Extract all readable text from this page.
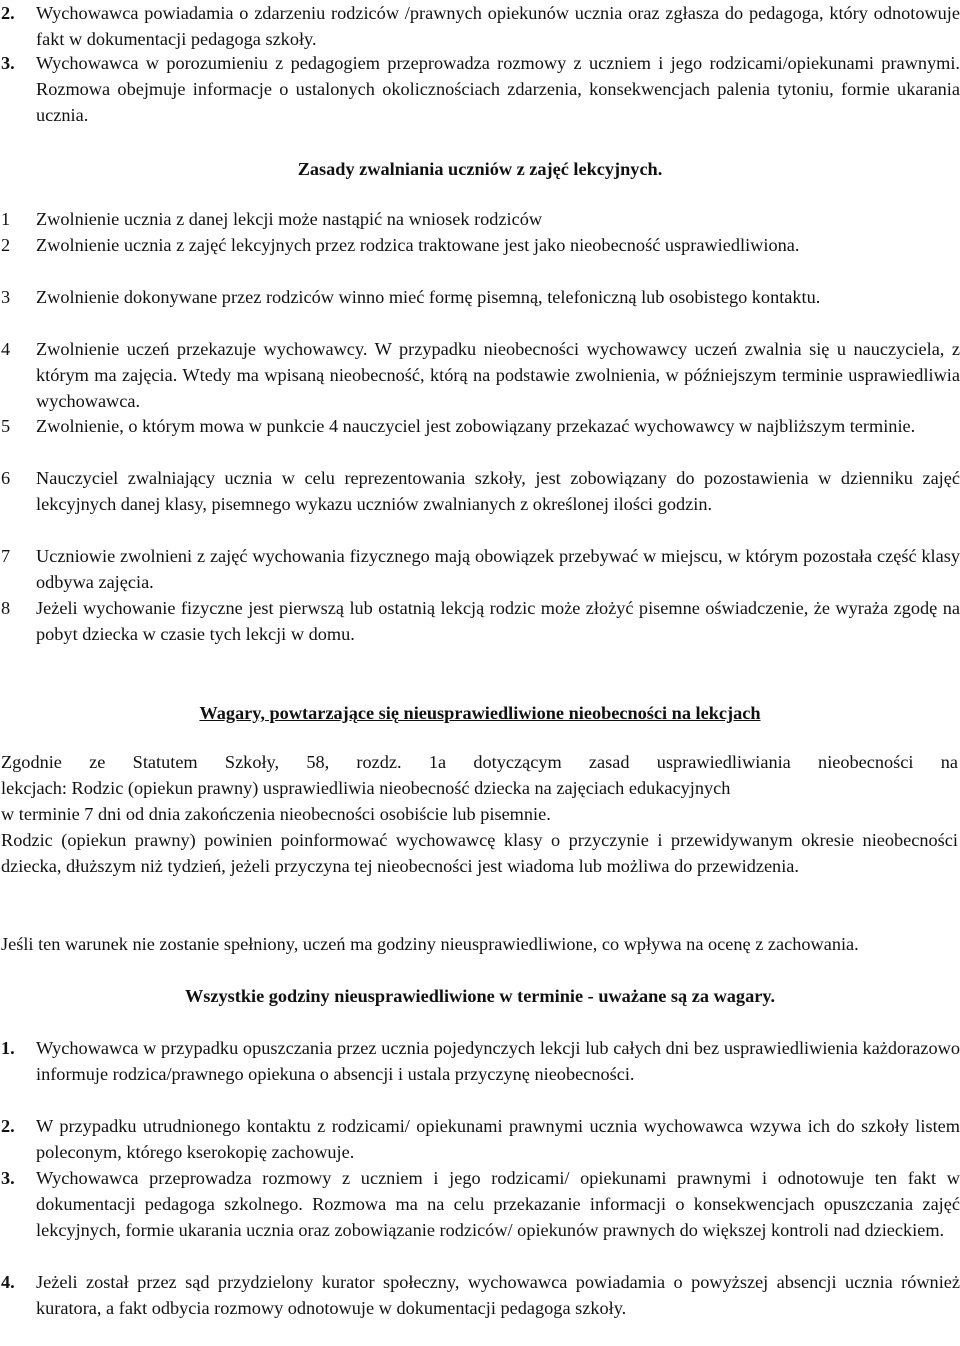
2. Wychowawca powiadamia o zdarzeniu rodziców /prawnych opiekunów ucznia oraz zgłasza do pedagoga, który odnotowuje fakt w dokumentacji pedagoga szkoły.
3. Wychowawca w porozumieniu z pedagogiem przeprowadza rozmowy z uczniem i jego rodzicami/opiekunami prawnymi. Rozmowa obejmuje informacje o ustalonych okolicznościach zdarzenia, konsekwencjach palenia tytoniu, formie ukarania ucznia.
Zasady zwalniania uczniów z zajęć lekcyjnych.
1 Zwolnienie ucznia z danej lekcji może nastąpić na wniosek rodziców
2 Zwolnienie ucznia z zajęć lekcyjnych przez rodzica traktowane jest jako nieobecność usprawiedliwiona.
3 Zwolnienie dokonywane przez rodziców winno mieć formę pisemną, telefoniczną lub osobistego kontaktu.
4 Zwolnienie uczeń przekazuje wychowawcy. W przypadku nieobecności wychowawcy uczeń zwalnia się u nauczyciela, z którym ma zajęcia. Wtedy ma wpisaną nieobecność, którą na podstawie zwolnienia, w późniejszym terminie usprawiedliwia wychowawca.
5 Zwolnienie, o którym mowa w punkcie 4 nauczyciel jest zobowiązany przekazać wychowawcy w najbliższym terminie.
6 Nauczyciel zwalniający ucznia w celu reprezentowania szkoły, jest zobowiązany do pozostawienia w dzienniku zajęć lekcyjnych danej klasy, pisemnego wykazu uczniów zwalnianych z określonej ilości godzin.
7 Uczniowie zwolnieni z zajęć wychowania fizycznego mają obowiązek przebywać w miejscu, w którym pozostała część klasy odbywa zajęcia.
8 Jeżeli wychowanie fizyczne jest pierwszą lub ostatnią lekcją rodzic może złożyć pisemne oświadczenie, że wyraża zgodę na pobyt dziecka w czasie tych lekcji w domu.
Wagary, powtarzające się nieusprawiedliwione nieobecności na lekcjach
Zgodnie ze Statutem Szkoły, 58, rozdz. 1a dotyczącym zasad usprawiedliwiania nieobecności na
lekcjach: Rodzic (opiekun prawny) usprawiedliwia nieobecność dziecka na zajęciach edukacyjnych
w terminie 7 dni od dnia zakończenia nieobecności osobiście lub pisemnie.
Rodzic (opiekun prawny) powinien poinformować wychowawcę klasy o przyczynie i przewidywanym okresie nieobecności dziecka, dłuższym niż tydzień, jeżeli przyczyna tej nieobecności jest wiadoma lub możliwa do przewidzenia.
Jeśli ten warunek nie zostanie spełniony, uczeń ma godziny nieusprawiedliwione, co wpływa na ocenę z zachowania.
Wszystkie godziny nieusprawiedliwione w terminie - uważane są za wagary.
1. Wychowawca w przypadku opuszczania przez ucznia pojedynczych lekcji lub całych dni bez usprawiedliwienia każdorazowo informuje rodzica/prawnego opiekuna o absencji i ustala przyczynę nieobecności.
2. W przypadku utrudnionego kontaktu z rodzicami/ opiekunami prawnymi ucznia wychowawca wzywa ich do szkoły listem poleconym, którego kserokopię zachowuje.
3. Wychowawca przeprowadza rozmowy z uczniem i jego rodzicami/ opiekunami prawnymi i odnotowuje ten fakt w dokumentacji pedagoga szkolnego. Rozmowa ma na celu przekazanie informacji o konsekwencjach opuszczania zajęć lekcyjnych, formie ukarania ucznia oraz zobowiązanie rodziców/ opiekunów prawnych do większej kontroli nad dzieckiem.
4. Jeżeli został przez sąd przydzielony kurator społeczny, wychowawca powiadamia o powyższej absencji ucznia również kuratora, a fakt odbycia rozmowy odnotowuje w dokumentacji pedagoga szkoły.
